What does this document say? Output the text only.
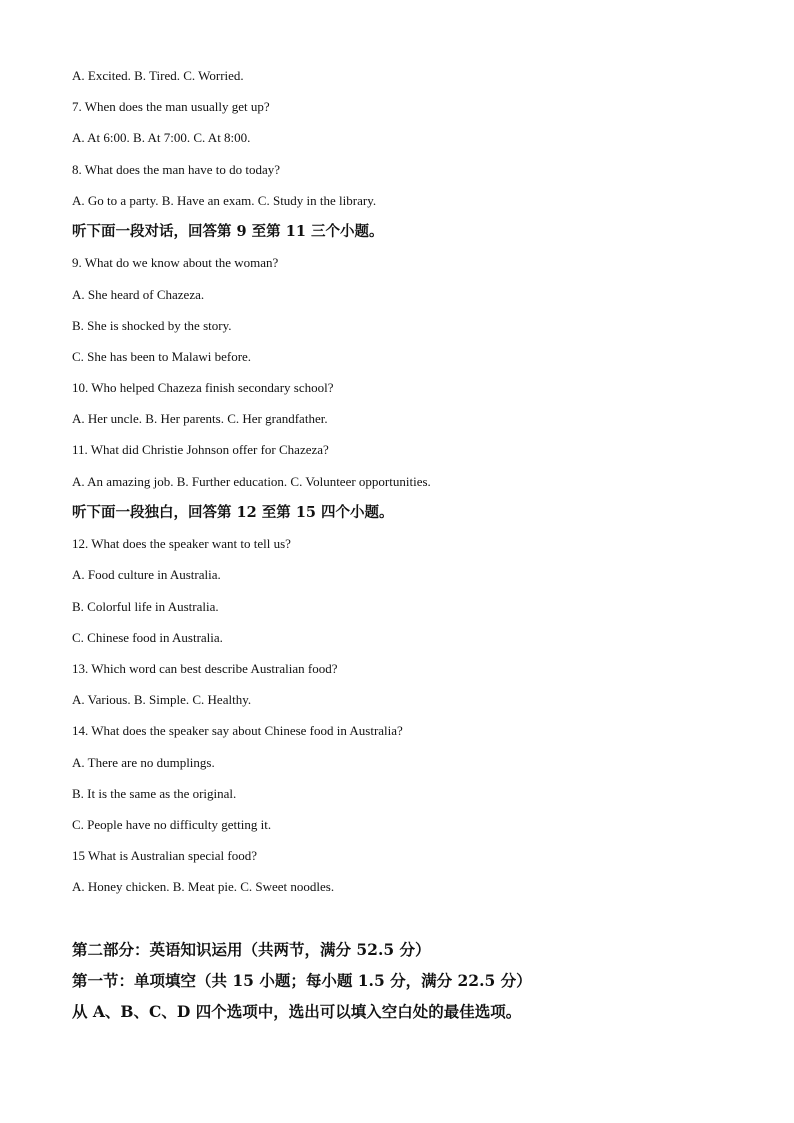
A. Excited. B. Tired. C. Worried.
7. When does the man usually get up?
A. At 6:00. B. At 7:00. C. At 8:00.
8. What does the man have to do today?
A. Go to a party. B. Have an exam. C. Study in the library.
听下面一段对话，回答第 9 至第 11 三个小题。
9. What do we know about the woman?
A. She heard of Chazeza.
B. She is shocked by the story.
C. She has been to Malawi before.
10. Who helped Chazeza finish secondary school?
A. Her uncle. B. Her parents. C. Her grandfather.
11. What did Christie Johnson offer for Chazeza?
A. An amazing job. B. Further education. C. Volunteer opportunities.
听下面一段独白，回答第 12 至第 15 四个小题。
12. What does the speaker want to tell us?
A. Food culture in Australia.
B. Colorful life in Australia.
C. Chinese food in Australia.
13. Which word can best describe Australian food?
A. Various. B. Simple. C. Healthy.
14. What does the speaker say about Chinese food in Australia?
A. There are no dumplings.
B. It is the same as the original.
C. People have no difficulty getting it.
15 What is Australian special food?
A. Honey chicken. B. Meat pie. C. Sweet noodles.
第二部分：英语知识运用（共两节，满分 52.5 分）
第一节：单项填空（共 15 小题；每小题 1.5 分，满分 22.5 分）
从 A、B、C、D 四个选项中，选出可以填入空白处的最佳选项。
